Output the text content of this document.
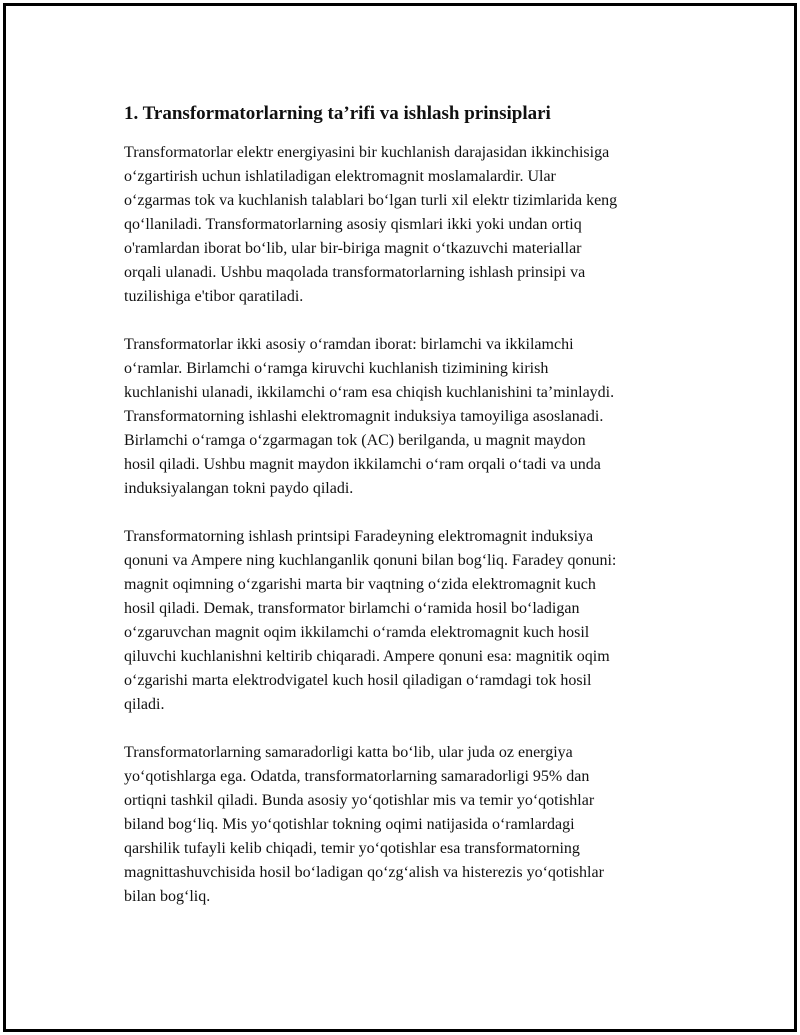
1. Transformatorlarning ta’rifi va ishlash prinsiplari
Transformatorlar elektr energiyasini bir kuchlanish darajasidan ikkinchisiga
o‘zgartirish uchun ishlatiladigan elektromagnit moslamalardir. Ular
o‘zgarmas tok va kuchlanish talablari bo‘lgan turli xil elektr tizimlarida keng
qo‘llaniladi. Transformatorlarning asosiy qismlari ikki yoki undan ortiq
o'ramlardan iborat bo‘lib, ular bir-biriga magnit o‘tkazuvchi materiallar
orqali ulanadi. Ushbu maqolada transformatorlarning ishlash prinsipi va
tuzilishiga e'tibor qaratiladi.
Transformatorlar ikki asosiy o‘ramdan iborat: birlamchi va ikkilamchi
o‘ramlar. Birlamchi o‘ramga kiruvchi kuchlanish tizimining kirish
kuchlanishi ulanadi, ikkilamchi o‘ram esa chiqish kuchlanishini ta’minlaydi.
Transformatorning ishlashi elektromagnit induksiya tamoyiliga asoslanadi.
Birlamchi o‘ramga o‘zgarmagan tok (AC) berilganda, u magnit maydon
hosil qiladi. Ushbu magnit maydon ikkilamchi o‘ram orqali o‘tadi va unda
induksiyalangan tokni paydo qiladi.
Transformatorning ishlash printsipi Faradeyning elektromagnit induksiya
qonuni va Ampere ning kuchlanganlik qonuni bilan bog‘liq. Faradey qonuni:
magnit oqimning o‘zgarishi marta bir vaqtning o‘zida elektromagnit kuch
hosil qiladi. Demak, transformator birlamchi o‘ramida hosil bo‘ladigan
o‘zgaruvchan magnit oqim ikkilamchi o‘ramda elektromagnit kuch hosil
qiluvchi kuchlanishni keltirib chiqaradi. Ampere qonuni esa: magnitik oqim
o‘zgarishi marta elektrodvigatel kuch hosil qiladigan o‘ramdagi tok hosil
qiladi.
Transformatorlarning samaradorligi katta bo‘lib, ular juda oz energiya
yo‘qotishlarga ega. Odatda, transformatorlarning samaradorligi 95% dan
ortiqni tashkil qiladi. Bunda asosiy yo‘qotishlar mis va temir yo‘qotishlar
biland bog‘liq. Mis yo‘qotishlar tokning oqimi natijasida o‘ramlardagi
qarshilik tufayli kelib chiqadi, temir yo‘qotishlar esa transformatorning
magnittashuvchisida hosil bo‘ladigan qo‘zg‘alish va histerezis yo‘qotishlar
bilan bog‘liq.
